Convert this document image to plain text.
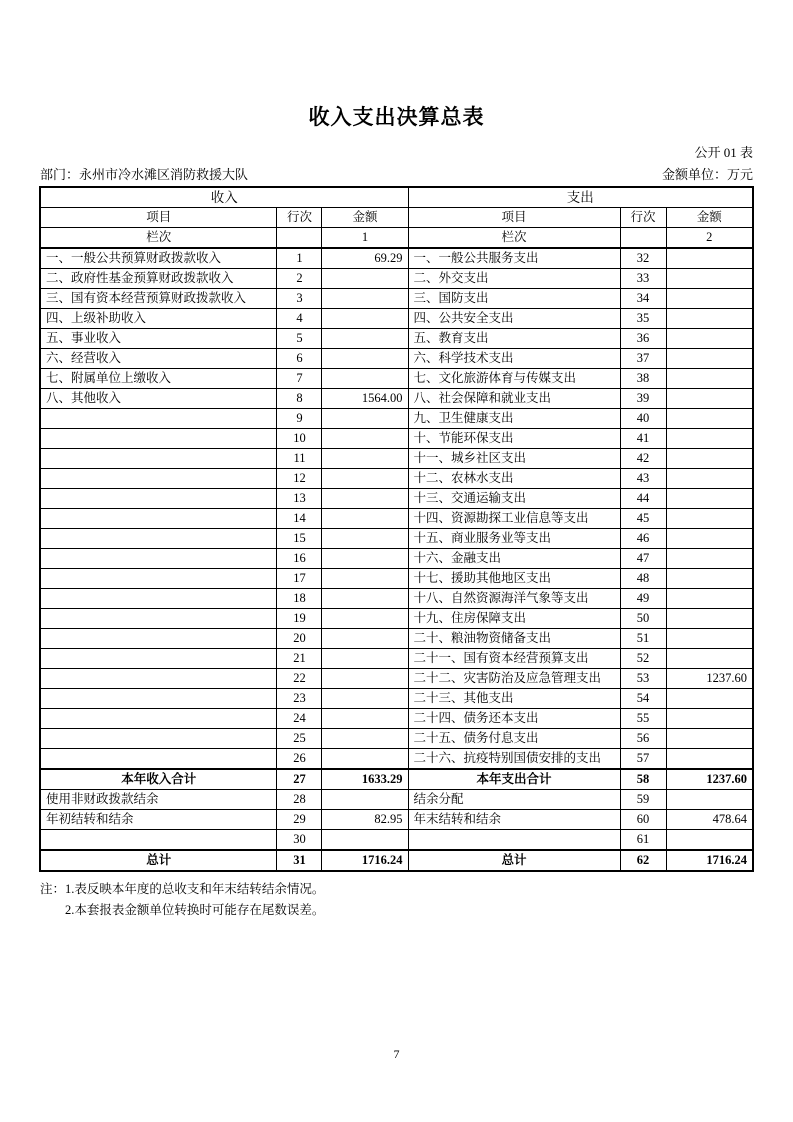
收入支出决算总表
公开 01 表
部门：永州市冷水滩区消防救援大队	金额单位：万元
收入			支出		
项目	行次	金额	项目	行次	金额
栏次		1	栏次		2
一、一般公共预算财政拨款收入	1	69.29	一、一般公共服务支出	32	
二、政府性基金预算财政拨款收入	2		二、外交支出	33	
三、国有资本经营预算财政拨款收入	3		三、国防支出	34	
四、上级补助收入	4		四、公共安全支出	35	
五、事业收入	5		五、教育支出	36	
六、经营收入	6		六、科学技术支出	37	
七、附属单位上缴收入	7		七、文化旅游体育与传媒支出	38	
八、其他收入	8	1564.00	八、社会保障和就业支出	39	
	9		九、卫生健康支出	40	
	10		十、节能环保支出	41	
	11		十一、城乡社区支出	42	
	12		十二、农林水支出	43	
	13		十三、交通运输支出	44	
	14		十四、资源勘探工业信息等支出	45	
	15		十五、商业服务业等支出	46	
	16		十六、金融支出	47	
	17		十七、援助其他地区支出	48	
	18		十八、自然资源海洋气象等支出	49	
	19		十九、住房保障支出	50	
	20		二十、粮油物资储备支出	51	
	21		二十一、国有资本经营预算支出	52	
	22		二十二、灾害防治及应急管理支出	53	1237.60
	23		二十三、其他支出	54	
	24		二十四、债务还本支出	55	
	25		二十五、债务付息支出	56	
	26		二十六、抗疫特别国债安排的支出	57	
本年收入合计	27	1633.29	本年支出合计	58	1237.60
使用非财政拨款结余	28		结余分配	59	
年初结转和结余	29	82.95	年末结转和结余	60	478.64
	30			61	
总计	31	1716.24	总计	62	1716.24
注： 1.表反映本年度的总收支和年末结转结余情况。
2.本套报表金额单位转换时可能存在尾数误差。
7
